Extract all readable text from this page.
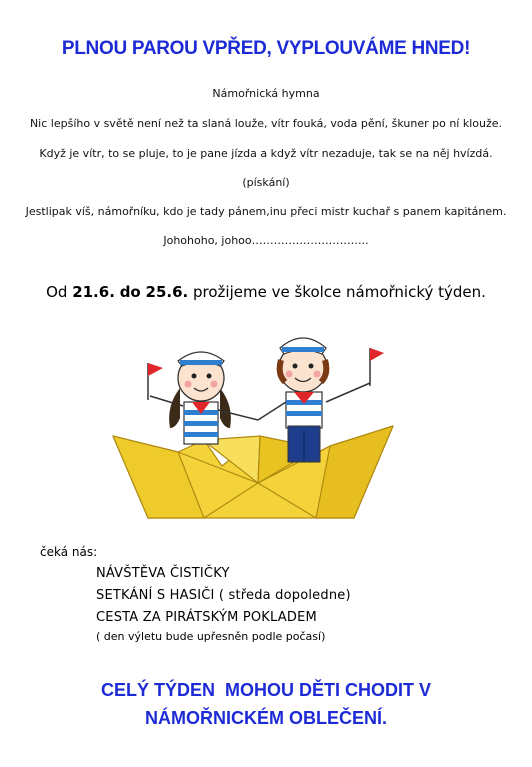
PLNOU PAROU VPŘED, VYPLOUVÁME HNED!
Námořnická hymna
Nic lepšího v světě není než ta slaná louže, vítr fouká, voda pění, škuner po ní klouže.
Když je vítr, to se pluje, to je pane jízda a když vítr nezaduje, tak se na něj hvízdá.
(pískání)
Jestlipak víš, námořníku, kdo je tady pánem,inu přeci mistr kuchař s panem kapitánem.
Johohoho, johoo…………………………..
Od 21.6. do 25.6. prožijeme ve školce námořnický týden.
čeká nás:
NÁVŠTĚVA ČISTIČKY
SETKÁNÍ S HASIČI ( středa dopoledne)
CESTA ZA PIRÁTSKÝM POKLADEM
( den výletu bude upřesněn podle počasí)
CELÝ TÝDEN  MOHOU DĚTI CHODIT V
NÁMOŘNICKÉM OBLEČENÍ.
